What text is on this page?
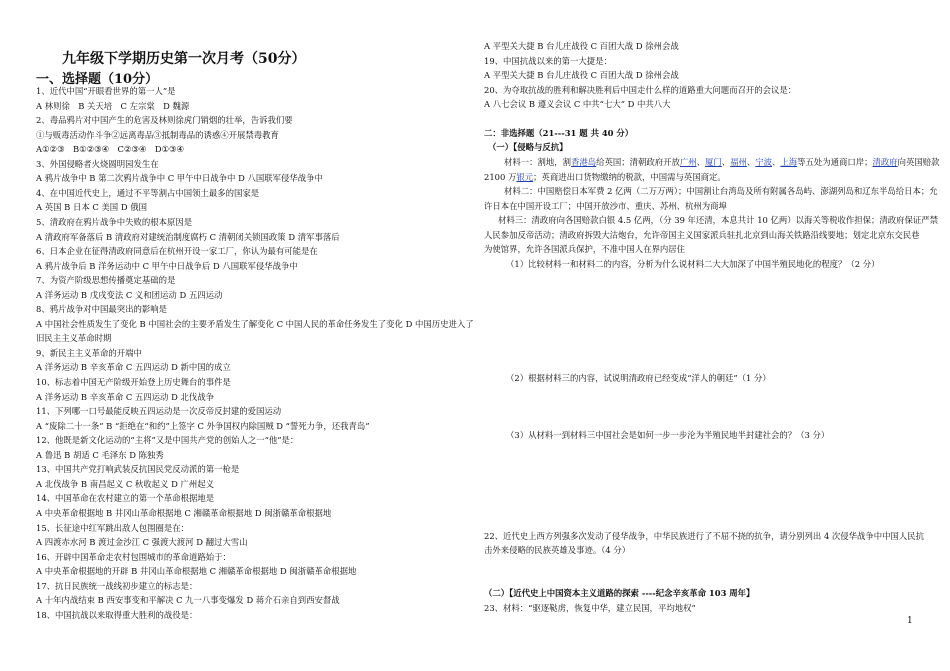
九年级下学期历史第一次月考（50分）
一、选择题（10分）
1、近代中国“开眼看世界的第一人”是
A 林则徐　B 关天培　C 左宗棠　D 魏源
2、毒品鸦片对中国产生的危害及林则徐虎门销烟的壮举，告诉我们要
①与贩毒活动作斗争②远离毒品③抵制毒品的诱惑④开展禁毒教育
A①②③　B①②③④　C②③④　D①③④
3、外国侵略者火烧圆明园发生在
A 鸦片战争中 B 第二次鸦片战争中 C 甲午中日战争中 D 八国联军侵华战争中
4、在中国近代史上，通过不平等割占中国领土最多的国家是
A 英国 B 日本 C 美国 D 俄国
5、清政府在鸦片战争中失败的根本原因是
A 清政府军备落后 B 清政府对建统治制度腐朽 C 清朝闭关锁国政策 D 清军事落后
6、日本企业在征得清政府同意后在杭州开设一家工厂，你认为最有可能是在
A 鸦片战争后 B 洋务运动中 C 甲午中日战争后 D 八国联军侵华战争中
7、为资产阶级思想传播奠定基础的是
A 洋务运动 B 戊戌变法 C 义和团运动 D 五四运动
8、鸦片战争对中国最突出的影响是
A 中国社会性质发生了变化 B 中国社会的主要矛盾发生了解变化 C 中国人民的革命任务发生了变化 D 中国历史进入了
旧民主主义革命时期
9、新民主主义革命的开端中
A 洋务运动 B 辛亥革命 C 五四运动 D 新中国的成立
10、标志着中国无产阶级开始登上历史舞台的事件是
A 洋务运动 B 辛亥革命 C 五四运动 D 北伐战争
11、下列哪一口号最能反映五四运动是一次反帝反封建的爱国运动
A “废除二十一条” B “拒绝在“和约”上签字 C 外争国权内除国贼 D “誓死力争，还我青岛”
12、他既是新文化运动的“主将”又是中国共产党的创始人之一“他”是：
A 鲁迅 B 胡适 C 毛泽东 D 陈独秀
13、中国共产党打响武装反抗国民党反动派的第一枪是
A 北伐战争 B 南昌起义 C 秋收起义 D 广州起义
14、中国革命在农村建立的第一个革命根据地是
A 中央革命根据地 B 井冈山革命根据地 C 湘赣革命根据地 D 闽浙赣革命根据地
15、长征途中红军跳出敌人包围圈是在：
A 四渡赤水河 B 渡过金沙江 C 强渡大渡河 D 翻过大雪山
16、开辟中国革命走农村包围城市的革命道路始于：
A 中央革命根据地的开辟 B 井冈山革命根据地 C 湘赣革命根据地 D 闽浙赣革命根据地
17、抗日民族统一战线初步建立的标志是：
A 十年内战结束 B 西安事变和平解决 C 九一八事变爆发 D 蒋介石亲自到西安督战
18、中国抗战以来取得重大胜利的战役是：
A 平型关大捷 B 台儿庄战役 C 百团大战 D 徐州会战
19、中国抗战以来的第一大捷是：
A 平型关大捷 B 台儿庄战役 C 百团大战 D 徐州会战
20、为夺取抗战的胜利和解决胜利后中国走什么样的道路重大问题而召开的会议是：
A 八七会议 B 遵义会议 C 中共“七大” D 中共八大
二：非选择题（21---31 题 共 40 分）
（一）【侵略与反抗】
材料一：割地，割香港岛给英国；清朝政府开放广州、厦门、福州、宁波、上海等五处为通商口岸；清政府向英国赔款
2100 万银元；英商进出口货物缴纳的税款，中国需与英国商定。
材料二：中国赔偿日本军费 2 亿两（二万万两）；中国割让台湾岛及所有附属各岛屿、澎湖列岛和辽东半岛给日本；允
许日本在中国开设工厂；中国开放沙市、重庆、苏州、杭州为商埠
材料三：清政府向各国赔款白银 4.5 亿两，（分 39 年还清，本息共计 10 亿两）以海关等税收作担保；清政府保证严禁
人民参加反帝活动；清政府拆毁大沽炮台，允许帝国主义国家派兵驻扎北京到山海关铁路沿线要地；划定北京东交民巷
为使馆界，允许各国派兵保护，不准中国人在界内居住
（1）比较材料一和材料二的内容，分析为什么说材料二大大加深了中国半殖民地化的程度？（2 分）
（2）根据材料三的内容，试说明清政府已经变成“洋人的朝廷”（1 分）
（3）从材料一到材料三中国社会是如何一步一步沦为半殖民地半封建社会的？（3 分）
22、近代史上西方列强多次发动了侵华战争，中华民族进行了不屈不挠的抗争，请分别列出 4 次侵华战争中中国人民抗
击外来侵略的民族英雄及事迹。（4 分）
（二）【近代史上中国资本主义道路的探索 ----纪念辛亥革命 103 周年】
23、材料：“驱逐鞑虏，恢复中华，建立民国，平均地权”
1
